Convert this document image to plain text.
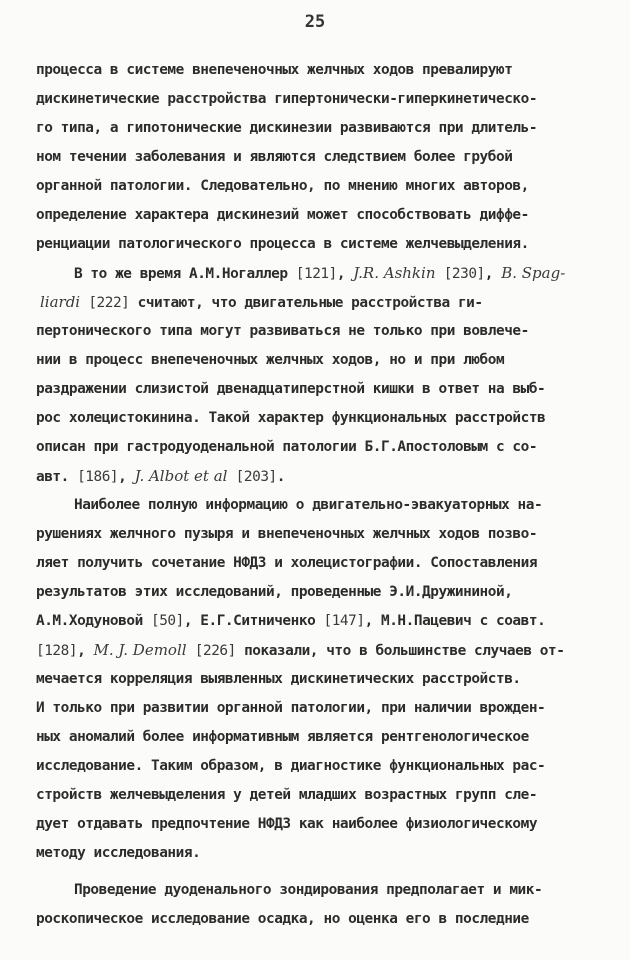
25
процесса в системе внепеченочных желчных ходов превалируют
дискинетические расстройства гипертонически-гиперкинетическо-
го типа, а гипотонические дискинезии развиваются при длитель-
ном течении заболевания и являются следствием более грубой
органной патологии. Следовательно, по мнению многих авторов,
определение характера дискинезий может способствовать диффе-
ренциации патологического процесса в системе желчевыделения.
В то же время А.М.Ногаллер [121], J.R. Ashkin [230], B. Spag-
liardi [222] считают, что двигательные расстройства ги-
пертонического типа могут развиваться не только при вовлече-
нии в процесс внепеченочных желчных ходов, но и при любом
раздражении слизистой двенадцатиперстной кишки в ответ на выб-
рос холецистокинина. Такой характер функциональных расстройств
описан при гастродуоденальной патологии Б.Г.Апостоловым с со-
авт. [186], J. Albot et al [203].
Наиболее полную информацию о двигательно-эвакуаторных на-
рушениях желчного пузыря и внепеченочных желчных ходов позво-
ляет получить сочетание НФДЗ и холецистографии. Сопоставления
результатов этих исследований, проведенные Э.И.Дружининой,
А.М.Ходуновой [50], Е.Г.Ситниченко [147], М.Н.Пацевич с соавт.
[128], M. J. Demoll [226] показали, что в большинстве случаев от-
мечается корреляция выявленных дискинетических расстройств.
И только при развитии органной патологии, при наличии врожден-
ных аномалий более информативным является рентгенологическое
исследование. Таким образом, в диагностике функциональных рас-
стройств желчевыделения у детей младших возрастных групп сле-
дует отдавать предпочтение НФДЗ как наиболее физиологическому
методу исследования.
Проведение дуоденального зондирования предполагает и мик-
роскопическое исследование осадка, но оценка его в последние
